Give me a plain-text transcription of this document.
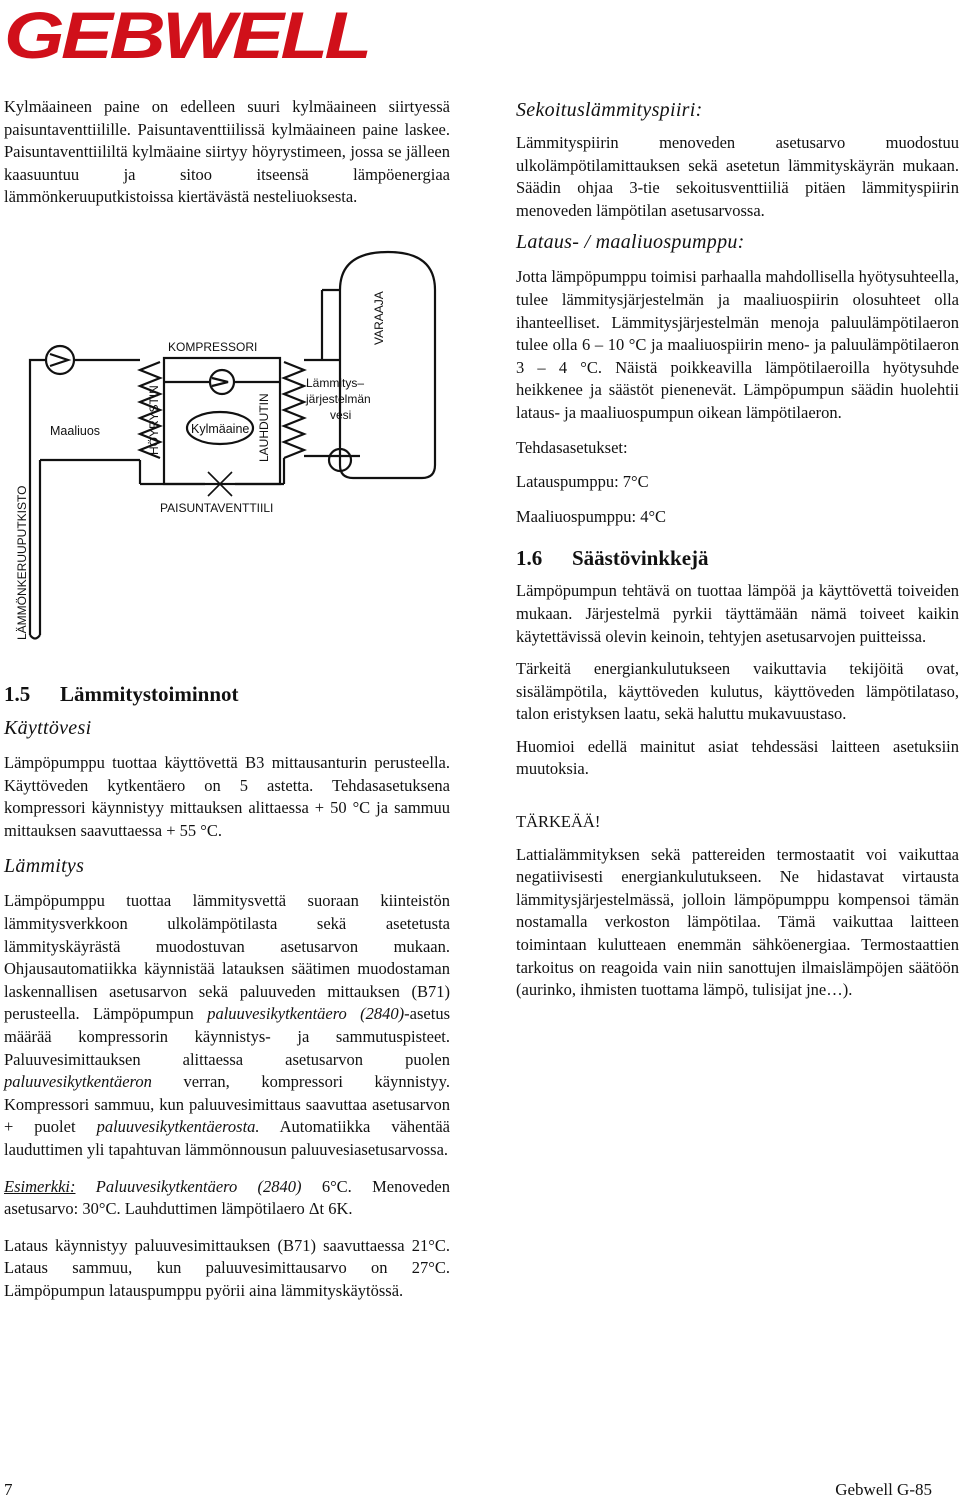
GEBWELL

Kylmäaineen paine on edelleen suuri kylmäaineen siirtyessä paisuntaventtiilille. Paisuntaventtiilissä kylmäaineen paine laskee. Paisuntaventtiililtä kylmäaine siirtyy höyrystimeen, jossa se jälleen kaasuuntuu ja sitoo itseensä lämpöenergiaa lämmönkeruuputkistoissa kiertävästä nesteliuoksesta.

VARAAJA
KOMPRESSORI
HÖYRYSTIN	LAUHDUTIN
Kylmäaine
PAISUNTAVENTTIILI
Lämmitys–
järjestelmän
vesi
Maaliuos
LÄMMÖNKERUUPUTKISTO
1.5 Lämmitystoiminnot
Käyttövesi

Lämpöpumppu tuottaa käyttövettä B3 mittausanturin perusteella. Käyttöveden kytkentäero on 5 astetta. Tehdasasetuksena kompressori käynnistyy mittauksen alittaessa + 50 °C ja sammuu mittauksen saavuttaessa + 55 °C.

Lämmitys

Lämpöpumppu tuottaa lämmitysvettä suoraan kiinteistön lämmitysverkkoon ulkolämpötilasta sekä asetetusta lämmityskäyrästä muodostuvan asetusarvon mukaan. Ohjausautomatiikka käynnistää latauksen säätimen muodostaman laskennallisen asetusarvon sekä paluuveden mittauksen (B71) perusteella. Lämpöpumpun paluuvesikytkentäero (2840)-asetus määrää kompressorin käynnistys- ja sammutuspisteet. Paluuvesimittauksen alittaessa asetusarvon puolen paluuvesikytkentäeron verran, kompressori käynnistyy. Kompressori sammuu, kun paluuvesimittaus saavuttaa asetusarvon + puolet paluuvesikytkentäerosta. Automatiikka vähentää lauduttimen yli tapahtuvan lämmönnousun paluuvesiasetusarvossa.

Esimerkki: Paluuvesikytkentäero (2840) 6°C. Menoveden asetusarvo: 30°C. Lauhduttimen lämpötilaero Δt 6K.

Lataus käynnistyy paluuvesimittauksen (B71) saavuttaessa 21°C. Lataus sammuu, kun paluuvesimittausarvo on 27°C. Lämpöpumpun latauspumppu pyörii aina lämmityskäytössä.

Sekoituslämmityspiiri:

Lämmityspiirin menoveden asetusarvo muodostuu ulkolämpötilamittauksen sekä asetetun lämmityskäyrän mukaan. Säädin ohjaa 3-tie sekoitusventtiiliä pitäen lämmityspiirin menoveden lämpötilan asetusarvossa.

Lataus- / maaliuospumppu:

Jotta lämpöpumppu toimisi parhaalla mahdollisella hyötysuhteella, tulee lämmitysjärjestelmän ja maaliuospiirin olosuhteet olla ihanteelliset. Lämmitysjärjestelmän menoja paluulämpötilaeron tulee olla 6 – 10 °C ja maaliuospiirin meno- ja paluulämpötilaeron 3 – 4 °C. Näistä poikkeavilla lämpötilaeroilla hyötysuhde heikkenee ja säästöt pienenevät. Lämpöpumpun säädin huolehtii lataus- ja maaliuospumpun oikean lämpötilaeron.

Tehdasasetukset:

Latauspumppu: 7°C

Maaliuospumppu: 4°C

1.6 Säästövinkkejä

Lämpöpumpun tehtävä on tuottaa lämpöä ja käyttövettä toiveiden mukaan. Järjestelmä pyrkii täyttämään nämä toiveet kaikin käytettävissä olevin keinoin, tehtyjen asetusarvojen puitteissa.

Tärkeitä energiankulutukseen vaikuttavia tekijöitä ovat, sisälämpötila, käyttöveden kulutus, käyttöveden lämpötilataso, talon eristyksen laatu, sekä haluttu mukavuustaso.

Huomioi edellä mainitut asiat tehdessäsi laitteen asetuksiin muutoksia.

TÄRKEÄÄ!

Lattialämmityksen sekä pattereiden termostaatit voi vaikuttaa negatiivisesti energiankulutukseen. Ne hidastavat virtausta lämmitysjärjestelmässä, jolloin lämpöpumppu kompensoi tämän nostamalla verkoston lämpötilaa. Tämä vaikuttaa laitteen toimintaan kulutteaen enemmän sähköenergiaa. Termostaattien tarkoitus on reagoida vain niin sanottujen ilmaislämpöjen säätöön (aurinko, ihmisten tuottama lämpö, tulisijat jne…).

7	Gebwell G-85
